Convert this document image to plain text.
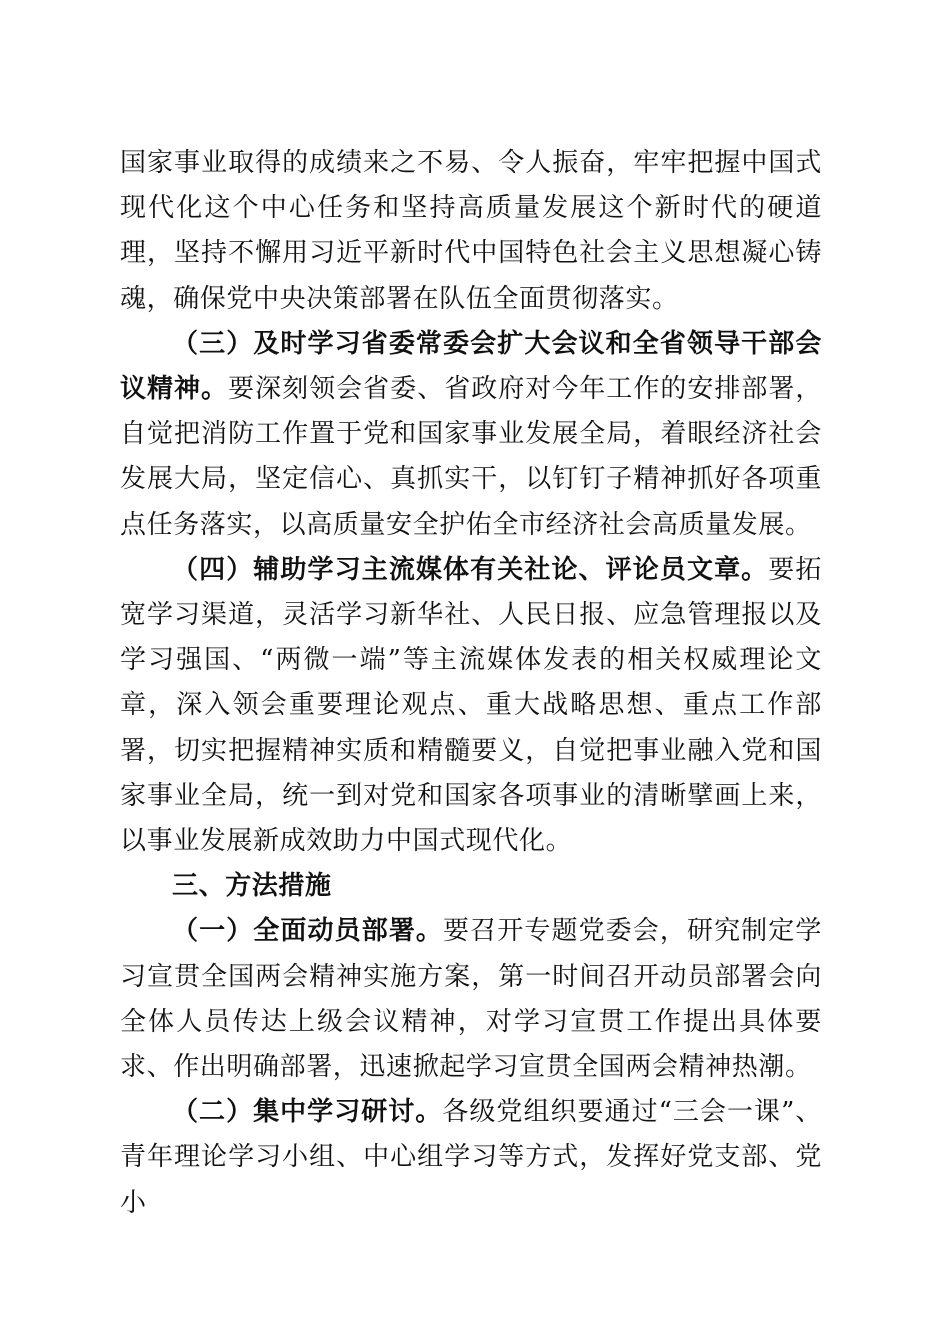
国家事业取得的成绩来之不易、令人振奋，牢牢把握中国式现代化这个中心任务和坚持高质量发展这个新时代的硬道理，坚持不懈用习近平新时代中国特色社会主义思想凝心铸魂，确保党中央决策部署在队伍全面贯彻落实。

（三）及时学习省委常委会扩大会议和全省领导干部会议精神。要深刻领会省委、省政府对今年工作的安排部署，自觉把消防工作置于党和国家事业发展全局，着眼经济社会发展大局，坚定信心、真抓实干，以钉钉子精神抓好各项重点任务落实，以高质量安全护佑全市经济社会高质量发展。

（四）辅助学习主流媒体有关社论、评论员文章。要拓宽学习渠道，灵活学习新华社、人民日报、应急管理报以及学习强国、“两微一端”等主流媒体发表的相关权威理论文章，深入领会重要理论观点、重大战略思想、重点工作部署，切实把握精神实质和精髓要义，自觉把事业融入党和国家事业全局，统一到对党和国家各项事业的清晰擘画上来，以事业发展新成效助力中国式现代化。

三、方法措施

（一）全面动员部署。要召开专题党委会，研究制定学习宣贯全国两会精神实施方案，第一时间召开动员部署会向全体人员传达上级会议精神，对学习宣贯工作提出具体要求、作出明确部署，迅速掀起学习宣贯全国两会精神热潮。

（二）集中学习研讨。各级党组织要通过“三会一课”、青年理论学习小组、中心组学习等方式，发挥好党支部、党小
